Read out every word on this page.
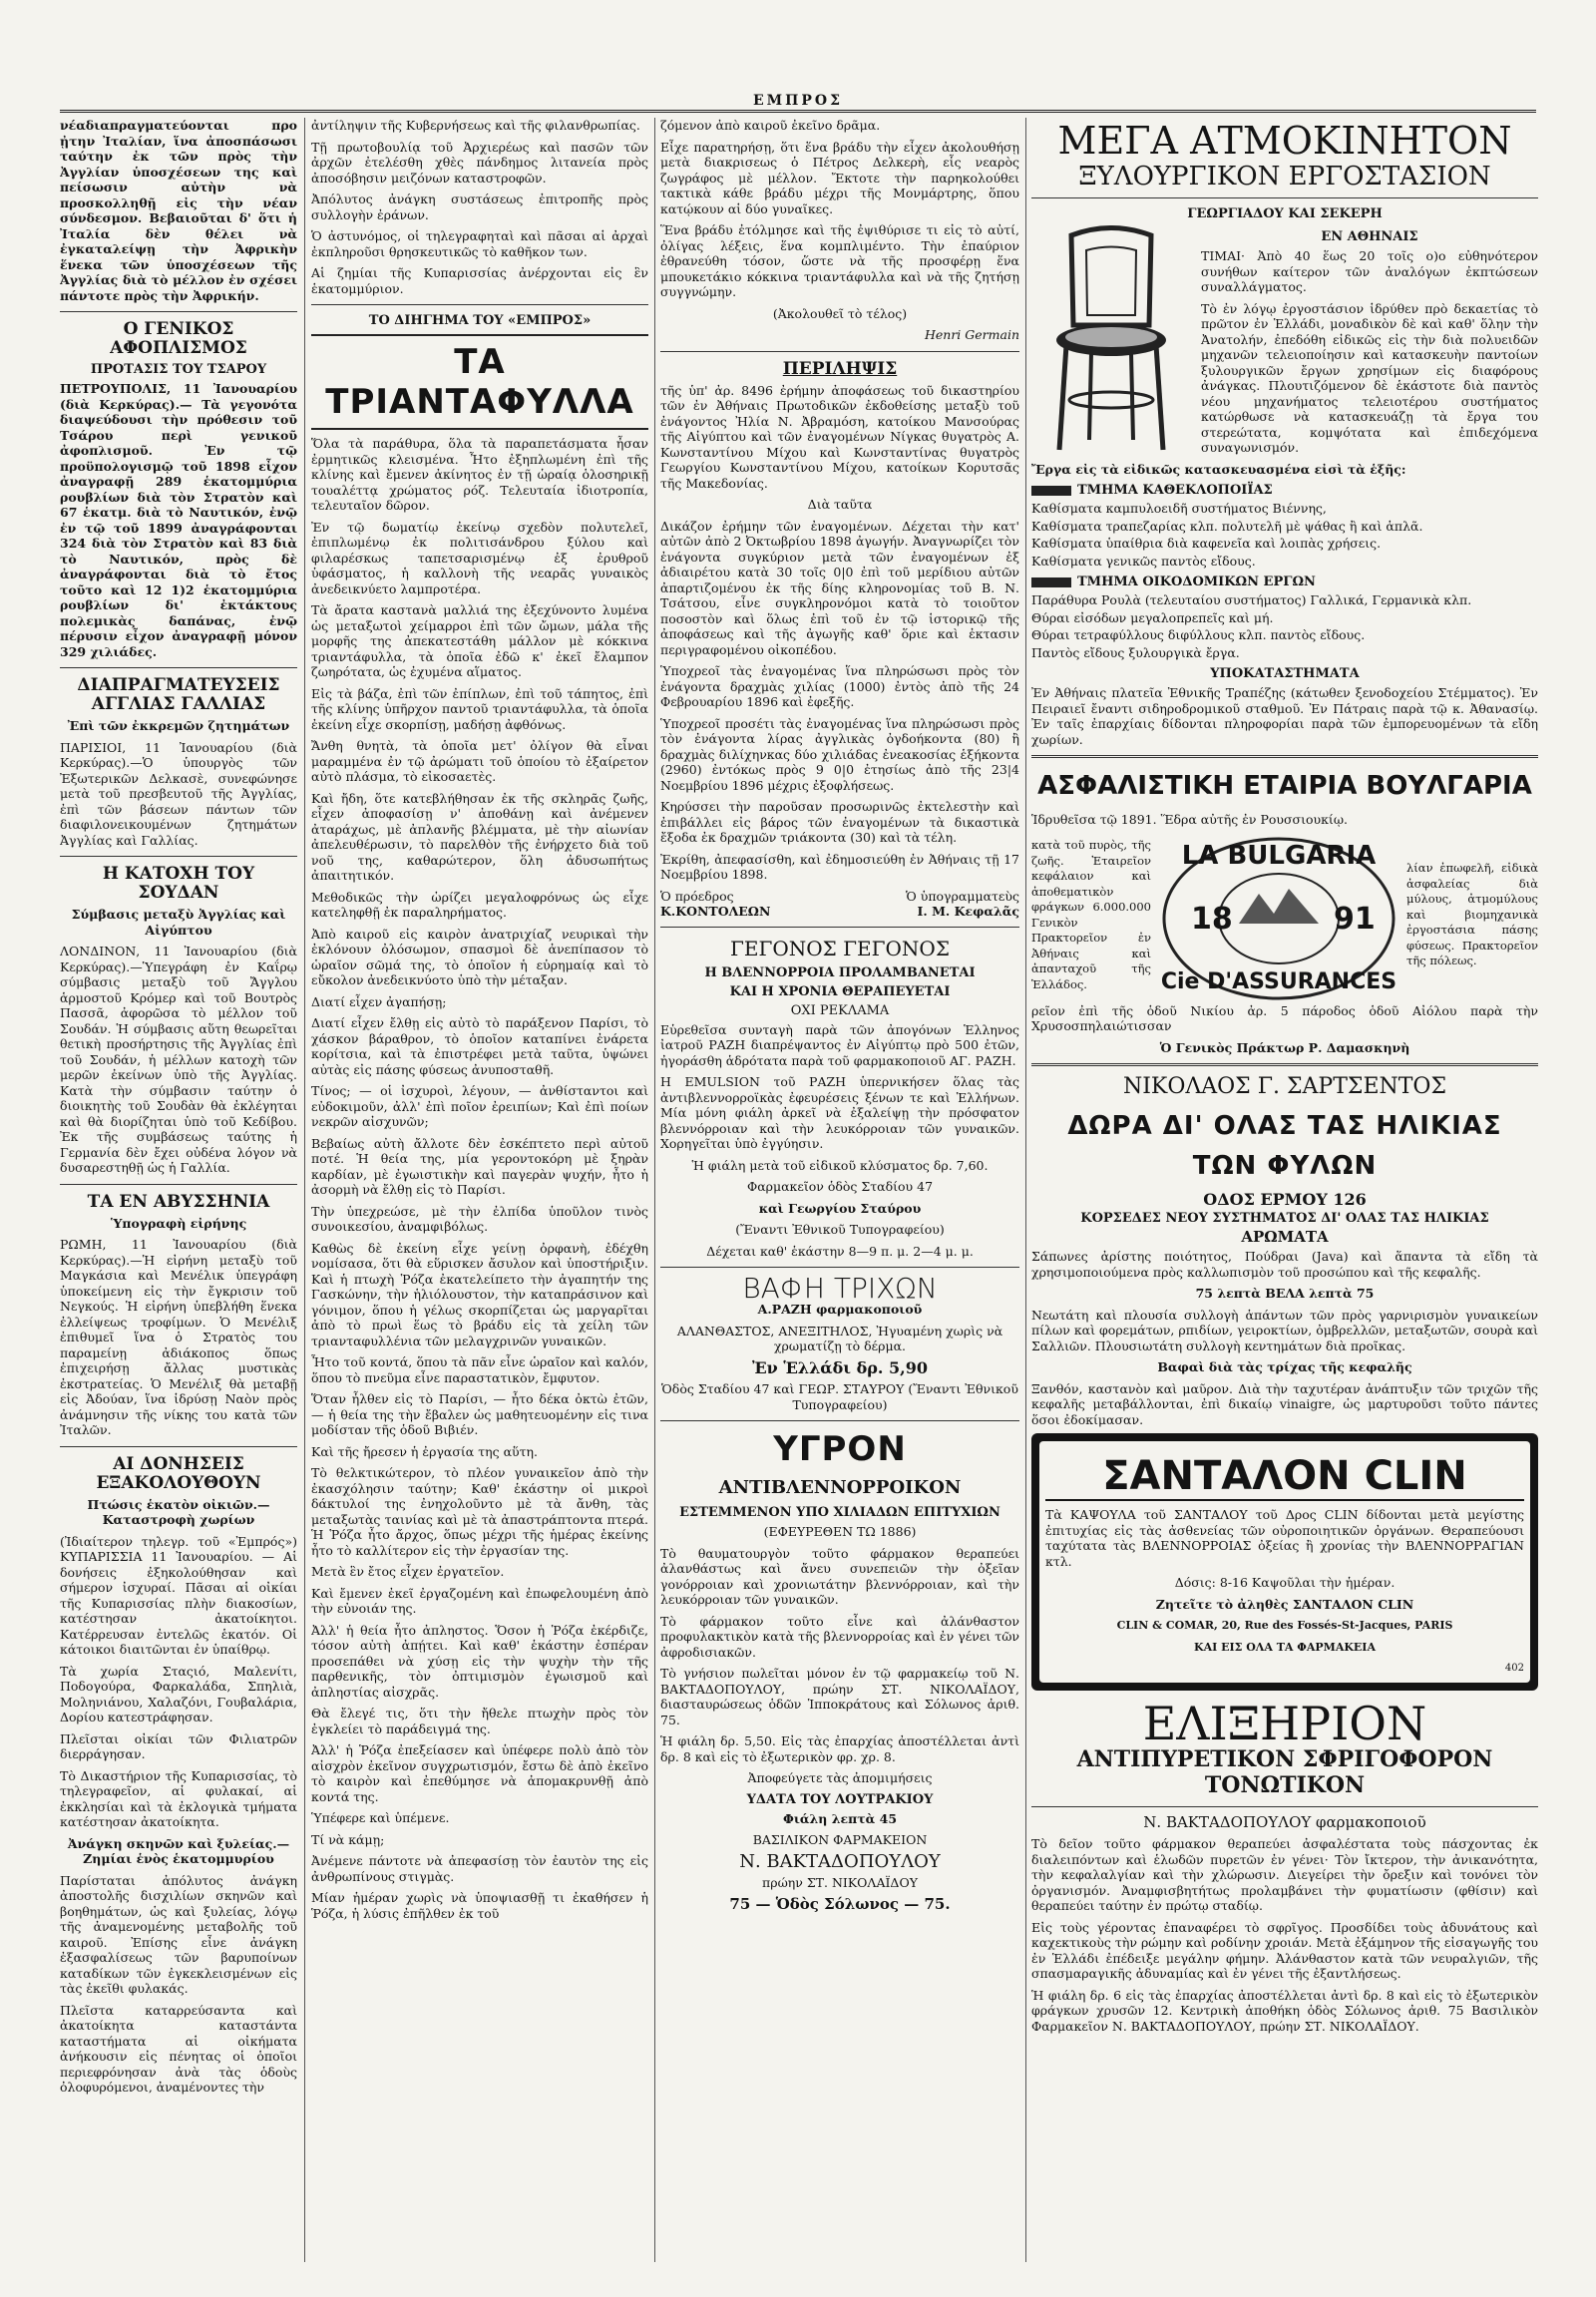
ΕΜΠΡΟΣ

νέαδιαπραγματεύονται προ ᾐτην Ἰταλίαν, ἵνα ἀποσπάσωσι ταύτην ἐκ τῶν πρὸς τὴν Ἀγγλίαν ὑποσχέσεων της καὶ πείσωσιν αὐτὴν νὰ προσκολληθῇ εἰς τὴν νέαν σύνδεσμον. Βεβαιοῦται δ' ὅτι ἡ Ἰταλία δὲν θέλει νὰ ἐγκαταλείψῃ τὴν Ἀφρικὴν ἕνεκα τῶν ὑποσχέσεων τῆς Ἀγγλίας διὰ τὸ μέλλον ἐν σχέσει πάντοτε πρὸς τὴν Ἀφρικήν.

Ο ΓΕΝΙΚΟΣ ΑΦΟΠΛΙΣΜΟΣ
ΠΡΟΤΑΣΙΣ ΤΟΥ ΤΣΑΡΟΥ

ΠΕΤΡΟΥΠΟΛΙΣ, 11 Ἰανουαρίου (διὰ Κερκύρας).— Τὰ γεγονότα διαψεύδουσι τὴν πρόθεσιν τοῦ Τσάρου περὶ γενικοῦ ἀφοπλισμοῦ. Ἐν τῷ προϋπολογισμῷ τοῦ 1898 εἶχον ἀναγραφῇ 289 ἑκατομμύρια ρουβλίων διὰ τὸν Στρατὸν καὶ 67 ἑκατμ. διὰ τὸ Ναυτικόν, ἐνῷ ἐν τῷ τοῦ 1899 ἀναγράφονται 324 διὰ τὸν Στρατὸν καὶ 83 διὰ τὸ Ναυτικόν, πρὸς δὲ ἀναγράφονται διὰ τὸ ἔτος τοῦτο καὶ 12 1)2 ἑκατομμύρια ρουβλίων δι' ἐκτάκτους πολεμικὰς δαπάνας, ἐνῷ πέρυσιν εἶχον ἀναγραφῇ μόνον 329 χιλιάδες.

ΔΙΑΠΡΑΓΜΑΤΕΥΣΕΙΣ ΑΓΓΛΙΑΣ ΓΑΛΛΙΑΣ

Ἐπὶ τῶν ἐκκρεμῶν ζητημάτων

ΠΑΡΙΣΙΟΙ, 11 Ἰανουαρίου (διὰ Κερκύρας).—Ὁ ὑπουργὸς τῶν Ἐξωτερικῶν Δελκασὲ, συνεφώνησε μετὰ τοῦ πρεσβευτοῦ τῆς Ἀγγλίας, ἐπὶ τῶν βάσεων πάντων τῶν διαφιλονεικουμένων ζητημάτων Ἀγγλίας καὶ Γαλλίας.

Η ΚΑΤΟΧΗ ΤΟΥ ΣΟΥΔΑΝ

Σύμβασις μεταξὺ Ἀγγλίας καὶ Αἰγύπτου

ΛΟΝΔΙΝΟΝ, 11 Ἰανουαρίου (διὰ Κερκύρας).—Ὑπεγράφη ἐν Καΐρῳ σύμβασις μεταξὺ τοῦ Ἄγγλου ἁρμοστοῦ Κρόμερ καὶ τοῦ Βουτρὸς Πασσᾶ, ἀφορῶσα τὸ μέλλον τοῦ Σουδάν. Ἡ σύμβασις αὕτη θεωρεῖται θετικὴ προσήρτησις τῆς Ἀγγλίας ἐπὶ τοῦ Σουδάν, ἡ μέλλων κατοχὴ τῶν μερῶν ἐκείνων ὑπὸ τῆς Ἀγγλίας. Κατὰ τὴν σύμβασιν ταύτην ὁ διοικητὴς τοῦ Σουδὰν θὰ ἐκλέγηται καὶ θὰ διορίζηται ὑπὸ τοῦ Κεδίβου. Ἐκ τῆς συμβάσεως ταύτης ἡ Γερμανία δὲν ἔχει οὐδένα λόγον νὰ δυσαρεστηθῇ ὡς ἡ Γαλλία.

ΤΑ ΕΝ ΑΒΥΣΣΗΝΙΑ

Ὑπογραφὴ εἰρήνης

ΡΩΜΗ, 11 Ἰανουαρίου (διὰ Κερκύρας).—Ἡ εἰρήνη μεταξὺ τοῦ Μαγκάσια καὶ Μενέλικ ὑπεγράφη ὑποκείμενη εἰς τὴν ἔγκρισιν τοῦ Νεγκούς. Ἡ εἰρήνη ὑπεβλήθη ἕνεκα ἐλλείψεως τροφίμων. Ὁ Μενέλιξ ἐπιθυμεῖ ἵνα ὁ Στρατὸς του παραμείνῃ ἀδιάκοπος ὅπως ἐπιχειρήσῃ ἄλλας μυστικὰς ἐκστρατείας. Ὁ Μενέλιξ θὰ μεταβῇ εἰς Ἀδούαν, ἵνα ἱδρύσῃ Ναὸν πρὸς ἀνάμνησιν τῆς νίκης του κατὰ τῶν Ἰταλῶν.

ΑΙ ΔΟΝΗΣΕΙΣ ΕΞΑΚΟΛΟΥΘΟΥΝ

Πτώσις ἑκατὸν οἰκιῶν.—Καταστροφὴ χωρίων

(Ἰδιαίτερον τηλεγρ. τοῦ «Ἐμπρός») ΚΥΠΑΡΙΣΣΙΑ 11 Ἰανουαρίου. — Αἱ δονήσεις ἐξηκολούθησαν καὶ σήμερον ἰσχυραί. Πᾶσαι αἱ οἰκίαι τῆς Κυπαρισσίας πλὴν διακοσίων, κατέστησαν ἀκατοίκητοι. Κατέρρευσαν ἐντελῶς ἑκατόν. Οἱ κάτοικοι διαιτῶνται ἐν ὑπαίθρῳ.

Τὰ χωρία Σταςιό, Μαλενίτι, Ποδογούρα, Φαρκαλάδα, Σπηλιὰ, Μοληνιάνου, Χαλαζόνι, Γουβαλάρια, Δορίου κατεστράφησαν.

Πλεῖσται οἰκίαι τῶν Φιλιατρῶν διερράγησαν.

Τὸ Δικαστήριον τῆς Κυπαρισσίας, τὸ τηλεγραφεῖον, αἱ φυλακαί, αἱ ἐκκλησίαι καὶ τὰ ἐκλογικὰ τμήματα κατέστησαν ἀκατοίκητα.

Ἀνάγκη σκηνῶν καὶ ξυλείας.—Ζημίαι ἑνὸς ἑκατομμυρίου

Παρίσταται ἀπόλυτος ἀνάγκη ἀποστολῆς δισχιλίων σκηνῶν καὶ βοηθημάτων, ὡς καὶ ξυλείας, λόγῳ τῆς ἀναμενομένης μεταβολῆς τοῦ καιροῦ. Ἐπίσης εἶνε ἀνάγκη ἐξασφαλίσεως τῶν βαρυποίνων καταδίκων τῶν ἐγκεκλεισμένων εἰς τὰς ἐκεῖθι φυλακάς.

Πλεῖστα καταρρεύσαντα καὶ ἀκατοίκητα καταστάντα καταστήματα αἱ οἰκήματα ἀνήκουσιν εἰς πένητας οἱ ὁποῖοι περιεφρόνησαν ἀνὰ τὰς ὁδοὺς ὀλοφυρόμενοι, ἀναμένοντες τὴν

ἀντίληψιν τῆς Κυβερνήσεως καὶ τῆς φιλανθρωπίας.

Τῇ πρωτοβουλίᾳ τοῦ Ἀρχιερέως καὶ πασῶν τῶν ἀρχῶν ἐτελέσθη χθὲς πάνδημος λιτανεία πρὸς ἀποσόβησιν μειζόνων καταστροφῶν.

Ἀπόλυτος ἀνάγκη συστάσεως ἐπιτροπῆς πρὸς συλλογὴν ἐράνων.

Ὁ ἀστυνόμος, οἱ τηλεγραφηταὶ καὶ πᾶσαι αἱ ἀρχαὶ ἐκπληροῦσι θρησκευτικῶς τὸ καθῆκον των.

Αἱ ζημίαι τῆς Κυπαρισσίας ἀνέρχονται εἰς ἓν ἑκατομμύριον.

ΤΟ ΔΙΗΓΗΜΑ ΤΟΥ «ΕΜΠΡΟΣ»
ΤΑ ΤΡΙΑΝΤΑΦΥΛΛΑ

Ὅλα τὰ παράθυρα, ὅλα τὰ παραπετάσματα ἦσαν ἐρμητικῶς κλεισμένα. Ἦτο ἐξηπλωμένη ἐπὶ τῆς κλίνης καὶ ἔμενεν ἀκίνητος ἐν τῇ ὡραίᾳ ὁλοσηρικῇ τουαλέττᾳ χρώματος ρόζ. Τελευταία ἰδιοτροπία, τελευταῖον δῶρον.

Ἐν τῷ δωματίῳ ἐκείνῳ σχεδὸν πολυτελεῖ, ἐπιπλωμένῳ ἐκ πολιτισάνδρου ξύλου καὶ φιλαρέσκως ταπετσαρισμένῳ ἐξ ἐρυθροῦ ὑφάσματος, ἡ καλλονὴ τῆς νεαρᾶς γυναικὸς ἀνεδεικνύετο λαμπροτέρα.

Τὰ ἄρατα καστανὰ μαλλιά της ἐξεχύνοντο λυμένα ὡς μεταξωτοὶ χείμαρροι ἐπὶ τῶν ὤμων, μάλα τῆς μορφῆς της ἀπεκατεστάθη μάλλον μὲ κόκκινα τριαντάφυλλα, τὰ ὁποῖα ἐδῶ κ' ἐκεῖ ἔλαμπον ζωηρότατα, ὡς ἐχυμένα αἵματος.

Εἰς τὰ βάζα, ἐπὶ τῶν ἐπίπλων, ἐπὶ τοῦ τάπητος, ἐπὶ τῆς κλίνης ὑπῆρχον παντοῦ τριαντάφυλλα, τὰ ὁποῖα ἐκείνη εἶχε σκορπίσῃ, μαδήσῃ ἀφθόνως.

Ἄνθη θνητὰ, τὰ ὁποῖα μετ' ὀλίγον θὰ εἶναι μαραμμένα ἐν τῷ ἀρώματι τοῦ ὁποίου τὸ ἐξαίρετον αὐτὸ πλάσμα, τὸ εἰκοσαετὲς.

Καὶ ἤδη, ὅτε κατεβλήθησαν ἐκ τῆς σκληρᾶς ζωῆς, εἶχεν ἀποφασίσῃ ν' ἀποθάνῃ καὶ ἀνέμενεν ἀταράχως, μὲ ἀπλανῆς βλέμματα, μὲ τὴν αἰωνίαν ἀπελευθέρωσιν, τὸ παρελθὸν τῆς ἐνήρχετο διὰ τοῦ νοῦ της, καθαρώτερον, ὅλη ἀδυσωπήτως ἀπαιτητικόν.

Μεθοδικῶς τὴν ὡρίζει μεγαλοφρόνως ὡς εἶχε κατεληφθῇ ἐκ παραληρήματος.

Ἀπὸ καιροῦ εἰς καιρὸν ἀνατριχίαζ νευρικαὶ τὴν ἐκλόνουν ὀλόσωμον, σπασμοὶ δὲ ἀνεπίπασον τὸ ὡραῖον σῶμά της, τὸ ὁποῖον ἡ εὐρημαίᾳ καὶ τὸ εὔκολον ἀνεδεικνύοτο ὑπὸ τὴν μέταξαν.

Διατί εἶχεν ἀγαπήσῃ;

Διατί εἶχεν ἔλθῃ εἰς αὐτὸ τὸ παράξενον Παρίσι, τὸ χάσκον βάραθρον, τὸ ὁποῖον καταπίνει ἐνάρετα κορίτσια, καὶ τὰ ἐπιστρέφει μετὰ ταῦτα, ὑψώνει αὐτὰς εἰς πάσης φύσεως ἀνυποσταθῆ.

Τίνος; — οἱ ἰσχυροὶ, λέγουν, — ἀνθίσταντοι καὶ εὐδοκιμοῦν, ἀλλ' ἐπὶ ποῖον ἐρειπίων; Καὶ ἐπὶ ποίων νεκρῶν αἰσχυνῶν;

Βεβαίως αὐτὴ ἄλλοτε δὲν ἐσκέπτετο περὶ αὐτοῦ ποτέ. Ἡ θεία της, μία γεροντοκόρη μὲ ξηρὰν καρδίαν, μὲ ἐγωιστικὴν καὶ παγερὰν ψυχήν, ἦτο ἡ ἀσορμὴ νὰ ἔλθῃ εἰς τὸ Παρίσι.

Τὴν ὑπεχρεώσε, μὲ τὴν ἐλπίδα ὑποῦλον τινὸς συνοικεσίου, ἀναμφιβόλως.

Καθὼς δὲ ἐκείνη εἶχε γείνῃ ὀρφανὴ, ἐδέχθη νομίσασα, ὅτι θὰ εὕρισκεν ἄσυλον καὶ ὑποστήριξιν. Καὶ ἡ πτωχὴ Ῥόζα ἐκατελείπετο τὴν ἀγαπητήν της Γασκώνην, τὴν ἡλιόλουστον, τὴν καταπράσινον καὶ γόνιμον, ὅπου ἡ γέλως σκορπίζεται ὡς μαργαρῖται ἀπὸ τὸ πρωὶ ἕως τὸ βράδυ εἰς τὰ χείλη τῶν τριανταφυλλένια τῶν μελαγχρινῶν γυναικῶν.

Ἦτο τοῦ κοντά, ὅπου τὰ πᾶν εἶνε ὡραῖον καὶ καλόν, ὅπου τὸ πνεῦμα εἶνε παραστατικὸν, ἔμφυτον.

Ὅταν ἦλθεν εἰς τὸ Παρίσι, — ἦτο δέκα ὀκτὼ ἐτῶν, — ἡ θεία της τὴν ἔβαλεν ὡς μαθητευομένην εἰς τινα μοδίσταν τῆς ὁδοῦ Βιβιέν.

Καὶ τῆς ἤρεσεν ἡ ἐργασία της αὕτη.

Τὸ θελκτικώτερον, τὸ πλέον γυναικεῖον ἀπὸ τὴν ἐκασχόλησιν ταύτην; Καθ' ἑκάστην οἱ μικροὶ δάκτυλοί της ἐνηχολοῦντο μὲ τὰ ἄνθη, τὰς μεταξωτὰς ταινίας καὶ μὲ τὰ ἀπαστράπτοντα πτερά. Ἡ Ῥόζα ἦτο ἄρχος, ὅπως μέχρι τῆς ἡμέρας ἐκείνης ἦτο τὸ καλλίτερον εἰς τὴν ἐργασίαν της.

Μετὰ ἓν ἔτος εἶχεν ἐργατεῖον.

Καὶ ἔμενεν ἐκεῖ ἐργαζομένη καὶ ἐπωφελουμένη ἀπὸ τὴν εὐνοιάν της.

Ἀλλ' ἡ θεία ἦτο ἀπληστος. Ὅσον ἡ Ῥόζα ἐκέρδιζε, τόσον αὐτὴ ἀπῄτει. Καὶ καθ' ἑκάστην ἐσπέραν προσεπάθει νὰ χύσῃ εἰς τὴν ψυχὴν τὴν τῆς παρθενικῆς, τὸν ὀπτιμισμὸν ἐγωισμοῦ καὶ ἀπληστίας αἰσχρᾶς.

Θὰ ἔλεγέ τις, ὅτι τὴν ἤθελε πτωχὴν πρὸς τὸν ἐγκλείει τὸ παράδειγμά της.

Ἀλλ' ἡ Ῥόζα ἐπεξείασεν καὶ ὑπέφερε πολὺ ἀπὸ τὸν αἰσχρὸν ἐκεῖνον συγχρωτισμόν, ἔστω δὲ ἀπὸ ἐκεῖνο τὸ καιρὸν καὶ ἐπεθύμησε νὰ ἀπομακρυνθῇ ἀπὸ κοντά της.

Ὑπέφερε καὶ ὑπέμενε.

Τί νὰ κάμῃ;

Ἀνέμενε πάντοτε νὰ ἀπεφασίσῃ τὸν ἐαυτὸν της εἰς ἀνθρωπίνους στιγμὰς.

Μίαν ἡμέραν χωρὶς νὰ ὑποψιασθῇ τι ἐκαθήσεν ἡ Ῥόζα, ἡ λύσις ἐπῆλθεν ἐκ τοῦ

ζόμενον ἀπὸ καιροῦ ἐκεῖνο δρᾶμα.

Εἶχε παρατηρήσῃ, ὅτι ἕνα βράδυ τὴν εἶχεν ἀκολουθήσῃ μετὰ διακρισεως ὁ Πέτρος Δελκερὴ, εἷς νεαρὸς ζωγράφος μὲ μέλλον. Ἔκτοτε τὴν παρηκολούθει τακτικὰ κάθε βράδυ μέχρι τῆς Μονμάρτρης, ὅπου κατῴκουν αἱ δύο γυναῖκες.

Ἕνα βράδυ ἐτόλμησε καὶ τῆς ἐψιθύρισε τι εἰς τὸ αὐτί, ὀλίγας λέξεις, ἕνα κομπλιμέντο. Τὴν ἐπαύριον ἐθρανεύθη τόσον, ὥστε νὰ τῆς προσφέρῃ ἕνα μπουκετάκιο κόκκινα τριαντάφυλλα καὶ νὰ τῆς ζητήσῃ συγγνώμην.

(Ἀκολουθεῖ τὸ τέλος)

Henri Germain

ΠΕΡΙΛΗΨΙΣ

τῆς ὑπ' ἀρ. 8496 ἐρήμην ἀποφάσεως τοῦ δικαστηρίου τῶν ἐν Ἀθήναις Πρωτοδικῶν ἐκδοθείσης μεταξὺ τοῦ ἐνάγοντος Ἠλία Ν. Ἀβραμόση, κατοίκου Μανσούρας τῆς Αἰγύπτου καὶ τῶν ἐναγομένων Νίγκας θυγατρὸς Α. Κωνσταντίνου Μίχου καὶ Κωνσταντίνας θυγατρὸς Γεωργίου Κωνσταντίνου Μίχου, κατοίκων Κορυτσᾶς τῆς Μακεδονίας.

Διὰ ταῦτα

Δικάζον ἐρήμην τῶν ἐναγομένων. Δέχεται τὴν κατ' αὐτῶν ἀπὸ 2 Ὀκτωβρίου 1898 ἀγωγήν. Ἀναγνωρίζει τὸν ἐνάγοντα συγκύριον μετὰ τῶν ἐναγομένων ἐξ ἀδιαιρέτου κατὰ 30 τοῖς 0|0 ἐπὶ τοῦ μερίδιου αὐτῶν ἀπαρτιζομένου ἐκ τῆς δίης κληρονομίας τοῦ Β. Ν. Τσάτσου, εἶνε συγκληρονόμοι κατὰ τὸ τοιοῦτον ποσοστὸν καὶ ὅλως ἐπὶ τοῦ ἐν τῷ ἱστορικῷ τῆς ἀποφάσεως καὶ τῆς ἀγωγῆς καθ' ὅριε καὶ ἐκτασιν περιγραφομένου οἰκοπέδου.

Ὑποχρεοῖ τὰς ἐναγομένας ἵνα πληρώσωσι πρὸς τὸν ἐνάγοντα δραχμὰς χιλίας (1000) ἐντὸς ἀπὸ τῆς 24 Φεβρουαρίου 1896 καὶ ἐφεξῆς.

Ὑποχρεοῖ προσέτι τὰς ἐναγομένας ἵνα πληρώσωσι πρὸς τὸν ἐνάγοντα λίρας ἀγγλικὰς ὀγδοήκοντα (80) ἢ δραχμὰς διλίχηνκας δύο χιλιάδας ἐνεακοσίας ἑξήκοντα (2960) ἐντόκως πρὸς 9 0|0 ἐτησίως ἀπὸ τῆς 23|4 Νοεμβρίου 1896 μέχρις ἐξοφλήσεως.

Κηρύσσει τὴν παροῦσαν προσωρινῶς ἐκτελεστὴν καὶ ἐπιβάλλει εἰς βάρος τῶν ἐναγομένων τὰ δικαστικὰ ἔξοδα ἐκ δραχμῶν τριάκοντα (30) καὶ τὰ τέλη.

Ἐκρίθη, ἀπεφασίσθη, καὶ ἐδημοσιεύθη ἐν Ἀθήναις τῇ 17 Νοεμβρίου 1898.

Ὁ πρόεδρος	Ὁ ὑπογραμματεὺς
Κ.ΚΟΝΤΟΛΕΩΝ	Ι. Μ. Κεφαλᾶς
ΓΕΓΟΝΟΣ ΓΕΓΟΝΟΣ
Η ΒΛΕΝΝΟΡΡΟΙΑ ΠΡΟΛΑΜΒΑΝΕΤΑΙ
ΚΑΙ Η ΧΡΟΝΙΑ ΘΕΡΑΠΕΥΕΤΑΙ
ΟΧΙ ΡΕΚΛΑΜΑ

Εὑρεθεῖσα συνταγὴ παρὰ τῶν ἀπογόνων Ἑλληνος ἰατροῦ ΡΑΖΗ διαπρέψαντος ἐν Αἰγύπτῳ πρὸ 500 ἐτῶν, ἠγοράσθη ἁδρότατα παρὰ τοῦ φαρμακοποιοῦ ΑΓ. ΡΑΖΗ.

Η EMULSION τοῦ ΡΑΖΗ ὑπερνικήσεν ὅλας τὰς ἀντιβλεννορροϊκὰς ἐφευρέσεις ξένων τε καὶ Ἑλλήνων. Μία μόνη φιάλη ἀρκεῖ νὰ ἐξαλείψῃ τὴν πρόσφατον βλεννόρροιαν καὶ τὴν λευκόρροιαν τῶν γυναικῶν. Χορηγεῖται ὑπὸ ἐγγύησιν.

Ἡ φιάλη μετὰ τοῦ εἰδικοῦ κλύσματος δρ. 7,60.

Φαρμακεῖον ὁδὸς Σταδίου 47

καὶ Γεωργίου Σταύρου

(Ἔναντι Ἐθνικοῦ Τυπογραφείου)

Δέχεται καθ' ἑκάστην 8—9 π. μ. 2—4 μ. μ.

ΒΑΦΗ ΤΡΙΧΩΝ

Α.ΡΑΖΗ φαρμακοποιοῦ

ΑΛΑΝΘΑΣΤΟΣ, ΑΝΕΞΙΤΗΛΟΣ, Ἠγυαμένη χωρὶς νὰ χρωματίζῃ τὸ δέρμα.

Ἐν Ἑλλάδι δρ. 5,90

Ὁδὸς Σταδίου 47 καὶ ΓΕΩΡ. ΣΤΑΥΡΟΥ (Ἔναντι Ἐθνικοῦ Τυπογραφείου)

ΥΓΡΟΝ
ΑΝΤΙΒΛΕΝΝΟΡΡΟΙΚΟΝ
ΕΣΤΕΜΜΕΝΟΝ ΥΠΟ ΧΙΛΙΑΔΩΝ ΕΠΙΤΥΧΙΩΝ

(ΕΦΕΥΡΕΘΕΝ ΤΩ 1886)

Τὸ θαυματουργὸν τοῦτο φάρμακον θεραπεύει ἀλανθάστως καὶ ἄνευ συνεπειῶν τὴν ὀξεῖαν γονόρροιαν καὶ χρονιωτάτην βλεννόρροιαν, καὶ τὴν λευκόρροιαν τῶν γυναικῶν.

Τὸ φάρμακον τοῦτο εἶνε καὶ ἀλάνθαστον προφυλακτικὸν κατὰ τῆς βλεννορροίας καὶ ἐν γένει τῶν ἀφροδισιακῶν.

Τὸ γνήσιον πωλεῖται μόνον ἐν τῷ φαρμακείῳ τοῦ Ν. ΒΑΚΤΑΔΟΠΟΥΛΟΥ, πρώην ΣΤ. ΝΙΚΟΛΑΪΔΟΥ, διασταυρώσεως ὁδῶν Ἱπποκράτους καὶ Σόλωνος ἀριθ. 75.

Ἡ φιάλη δρ. 5,50. Εἰς τὰς ἐπαρχίας ἀποστέλλεται ἀντὶ δρ. 8 καὶ εἰς τὸ ἐξωτερικὸν φρ. χρ. 8.

Ἀποφεύγετε τὰς ἀπομιμήσεις

ΥΔΑΤΑ ΤΟΥ ΛΟΥΤΡΑΚΙΟΥ

Φιάλη λεπτὰ 45

ΒΑΣΙΛΙΚΟΝ ΦΑΡΜΑΚΕΙΟΝ

Ν. ΒΑΚΤΑΔΟΠΟΥΛΟΥ

πρώην ΣΤ. ΝΙΚΟΛΑΪΔΟΥ

75 — Ὁδὸς Σόλωνος — 75.

ΜΕΓΑ ΑΤΜΟΚΙΝΗΤΟΝ
ΞΥΛΟΥΡΓΙΚΟΝ ΕΡΓΟΣΤΑΣΙΟΝ
ΓΕΩΡΓΙΑΔΟΥ ΚΑΙ ΣΕΚΕΡΗ
ΕΝ ΑΘΗΝΑΙΣ

ΤΙΜΑΙ· Ἀπὸ 40 ἕως 20 τοῖς ο)ο εὐθηνότερον συνήθων καίτερον τῶν ἀναλόγων ἐκπτώσεων συναλλάγματος.

Τὸ ἐν λόγῳ ἐργοστάσιον ἱδρύθεν πρὸ δεκαετίας τὸ πρῶτον ἐν Ἑλλάδι, μοναδικὸν δὲ καὶ καθ' ὅλην τὴν Ἀνατολήν, ἐπεδόθη εἰδικῶς εἰς τὴν διὰ πολυειδῶν μηχανῶν τελειοποίησιν καὶ κατασκευὴν παντοίων ξυλουργικῶν ἔργων χρησίμων εἰς διαφόρους ἀνάγκας. Πλουτιζόμενον δὲ ἑκάστοτε διὰ παντὸς νέου μηχανήματος τελειοτέρου συστήματος κατώρθωσε νὰ κατασκευάζῃ τὰ ἔργα του στερεώτατα, κομψότατα καὶ ἐπιδεχόμενα συναγωνισμόν.

Ἔργα εἰς τὰ εἰδικῶς κατασκευασμένα εἰσὶ τὰ ἑξῆς:

ΤΜΗΜΑ ΚΑΘΕΚΛΟΠΟΙΪΑΣ

Καθίσματα καμπυλοειδῆ συστήματος Βιέννης,

Καθίσματα τραπεζαρίας κλπ. πολυτελῆ μὲ ψάθας ἢ καὶ ἁπλᾶ.

Καθίσματα ὑπαίθρια διὰ καφενεῖα καὶ λοιπὰς χρήσεις.

Καθίσματα γενικῶς παντὸς εἴδους.

ΤΜΗΜΑ ΟΙΚΟΔΟΜΙΚΩΝ ΕΡΓΩΝ

Παράθυρα Ρουλὰ (τελευταίου συστήματος) Γαλλικά, Γερμανικὰ κλπ.

Θύραι εἰσόδων μεγαλοπρεπεῖς καὶ μή.

Θύραι τετραφύλλους διφύλλους κλπ. παντὸς εἴδους.

Παντὸς εἴδους ξυλουργικὰ ἔργα.

ΥΠΟΚΑΤΑΣΤΗΜΑΤΑ

Ἐν Ἀθήναις πλατεῖα Ἐθνικῆς Τραπέζης (κάτωθεν ξενοδοχείου Στέμματος). Ἐν Πειραιεῖ ἔναντι σιδηροδρομικοῦ σταθμοῦ. Ἐν Πάτραις παρὰ τῷ κ. Ἀθανασίῳ. Ἐν ταῖς ἐπαρχίαις δίδονται πληροφορίαι παρὰ τῶν ἐμπορευομένων τὰ εἴδη χωρίων.

ΑΣΦΑΛΙΣΤΙΚΗ ΕΤΑΙΡΙΑ ΒΟΥΛΓΑΡΙΑ

Ἱδρυθεῖσα τῷ 1891. Ἕδρα αὐτῆς ἐν Ρουσσιουκίῳ.

κατὰ τοῦ πυρὸς, τῆς ζωῆς. Ἑταιρεῖον κεφάλαιον καὶ ἀποθεματικὸν φράγκων 6.000.000 Γενικὸν Πρακτορεῖον ἐν Ἀθήναις καὶ ἀπανταχοῦ τῆς Ἑλλάδος.

LA BULGARIA
18	91
Cie D'ASSURANCES

λίαν ἐπωφελῆ, εἰδικὰ ἀσφαλείας διὰ μύλους, ἀτμομύλους καὶ βιομηχανικὰ ἐργοστάσια πάσης φύσεως. Πρακτορεῖον τῆς πόλεως.

ρεῖον ἐπὶ τῆς ὁδοῦ Νικίου ἀρ. 5 πάροδος ὁδοῦ Αἰόλου παρὰ τὴν Χρυσοσπηλαιώτισσαν

Ὁ Γενικὸς Πράκτωρ Ρ. Δαμασκηνὴ

ΝΙΚΟΛΑΟΣ Γ. ΣΑΡΤΣΕΝΤΟΣ
ΔΩΡΑ ΔΙ' ΟΛΑΣ ΤΑΣ ΗΛΙΚΙΑΣ ΤΩΝ ΦΥΛΩΝ
ΟΔΟΣ ΕΡΜΟΥ 126
ΚΟΡΣΕΔΕΣ ΝΕΟΥ ΣΥΣΤΗΜΑΤΟΣ ΔΙ' ΟΛΑΣ ΤΑΣ ΗΛΙΚΙΑΣ
ΑΡΩΜΑΤΑ

Σάπωνες ἀρίστης ποιότητος, Πούδραι (Java) καὶ ἅπαντα τὰ εἴδη τὰ χρησιμοποιούμενα πρὸς καλλωπισμὸν τοῦ προσώπου καὶ τῆς κεφαλῆς.

75 λεπτὰ ΒΕΛΑ λεπτὰ 75

Νεωτάτη καὶ πλουσία συλλογὴ ἁπάντων τῶν πρὸς γαρνιρισμὸν γυναικείων πίλων καὶ φορεμάτων, ρπιδίων, γειροκτίων, ὀμβρελλῶν, μεταξωτῶν, σουρὰ καὶ Σαλλιῶν. Πλουσιωτάτη συλλογὴ κεντημάτων διὰ προῖκας.

Βαφαὶ διὰ τὰς τρίχας τῆς κεφαλῆς

Ξανθόν, καστανὸν καὶ μαῦρον. Διὰ τὴν ταχυτέραν ἀνάπτυξιν τῶν τριχῶν τῆς κεφαλῆς μεταβάλλονται, ἐπὶ δικαίῳ vinaigre, ὡς μαρτυροῦσι τοῦτο πάντες ὅσοι ἐδοκίμασαν.

ΣΑΝΤΑΛΟΝ CLIN

Τὰ ΚΑΨΟΥΛΑ τοῦ ΣΑΝΤΑΛΟΥ τοῦ Δρος CLIN δίδονται μετὰ μεγίστης ἐπιτυχίας εἰς τὰς ἀσθενείας τῶν οὐροποιητικῶν ὀργάνων. Θεραπεύουσι ταχύτατα τὰς ΒΛΕΝΝΟΡΡΟΙΑΣ ὀξείας ἢ χρονίας τὴν ΒΛΕΝΝΟΡΡΑΓΙΑΝ κτλ.

Δόσις: 8-16 Καψοῦλαι τὴν ἡμέραν.

Ζητεῖτε τὸ ἀληθὲς ΣΑΝΤΑΛΟΝ CLIN

CLIN & COMAR, 20, Rue des Fossés-St-Jacques, PARIS

ΚΑΙ ΕΙΣ ΟΛΑ ΤΑ ΦΑΡΜΑΚΕΙΑ

402

ΕΛΙΞΗΡΙΟΝ
ΑΝΤΙΠΥΡΕΤΙΚΟΝ ΣΦΡΙΓΟΦΟΡΟΝ ΤΟΝΩΤΙΚΟΝ

Ν. ΒΑΚΤΑΔΟΠΟΥΛΟΥ φαρμακοποιοῦ

Τὸ δεῖον τοῦτο φάρμακον θεραπεύει ἀσφαλέστατα τοὺς πάσχοντας ἐκ διαλειπόντων καὶ ἑλωδῶν πυρετῶν ἐν γένει· Τὸν ἴκτερον, τὴν ἀνικανότητα, τὴν κεφαλαλγίαν καὶ τὴν χλώρωσιν. Διεγείρει τὴν ὄρεξιν καὶ τονόνει τὸν ὀργανισμόν. Ἀναμφισβητήτως προλαμβάνει τὴν φυματίωσιν (φθίσιν) καὶ θεραπεύει ταύτην ἐν πρώτῳ σταδίῳ.

Εἰς τοὺς γέροντας ἐπαναφέρει τὸ σφρῖγος. Προσδίδει τοὺς ἀδυνάτους καὶ καχεκτικοὺς τὴν ρώμην καὶ ροδίνην χροιάν. Μετὰ ἐξάμηνον τῆς εἰσαγωγῆς του ἐν Ἑλλάδι ἐπέδειξε μεγάλην φήμην. Ἀλάνθαστον κατὰ τῶν νευραλγιῶν, τῆς σπασμαραγικῆς ἀδυναμίας καὶ ἐν γένει τῆς ἐξαντλήσεως.

Ἡ φιάλη δρ. 6 εἰς τὰς ἐπαρχίας ἀποστέλλεται ἀντὶ δρ. 8 καὶ εἰς τὸ ἐξωτερικὸν φράγκων χρυσῶν 12. Κεντρικὴ ἀποθήκη ὁδὸς Σόλωνος ἀριθ. 75 Βασιλικὸν Φαρμακεῖον Ν. ΒΑΚΤΑΔΟΠΟΥΛΟΥ, πρώην ΣΤ. ΝΙΚΟΛΑΪΔΟΥ.
